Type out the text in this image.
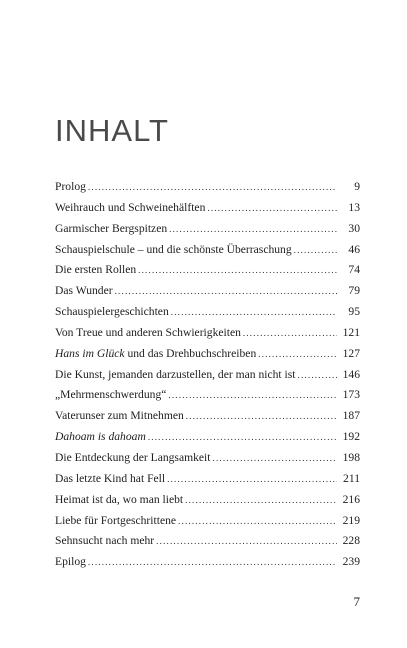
INHALT
Prolog .....	9
Weihrauch und Schweinehälften .....	13
Garmischer Bergspitzen .....	30
Schauspielschule – und die schönste Überraschung .....	46
Die ersten Rollen .....	74
Das Wunder .....	79
Schauspielergeschichten .....	95
Von Treue und anderen Schwierigkeiten .....	121
Hans im Glück und das Drehbuchschreiben .....	127
Die Kunst, jemanden darzustellen, der man nicht ist .....	146
„Mehrmenschwerdung“ .....	173
Vaterunser zum Mitnehmen .....	187
Dahoam is dahoam .....	192
Die Entdeckung der Langsamkeit .....	198
Das letzte Kind hat Fell .....	211
Heimat ist da, wo man liebt .....	216
Liebe für Fortgeschrittene .....	219
Sehnsucht nach mehr .....	228
Epilog .....	239
7
